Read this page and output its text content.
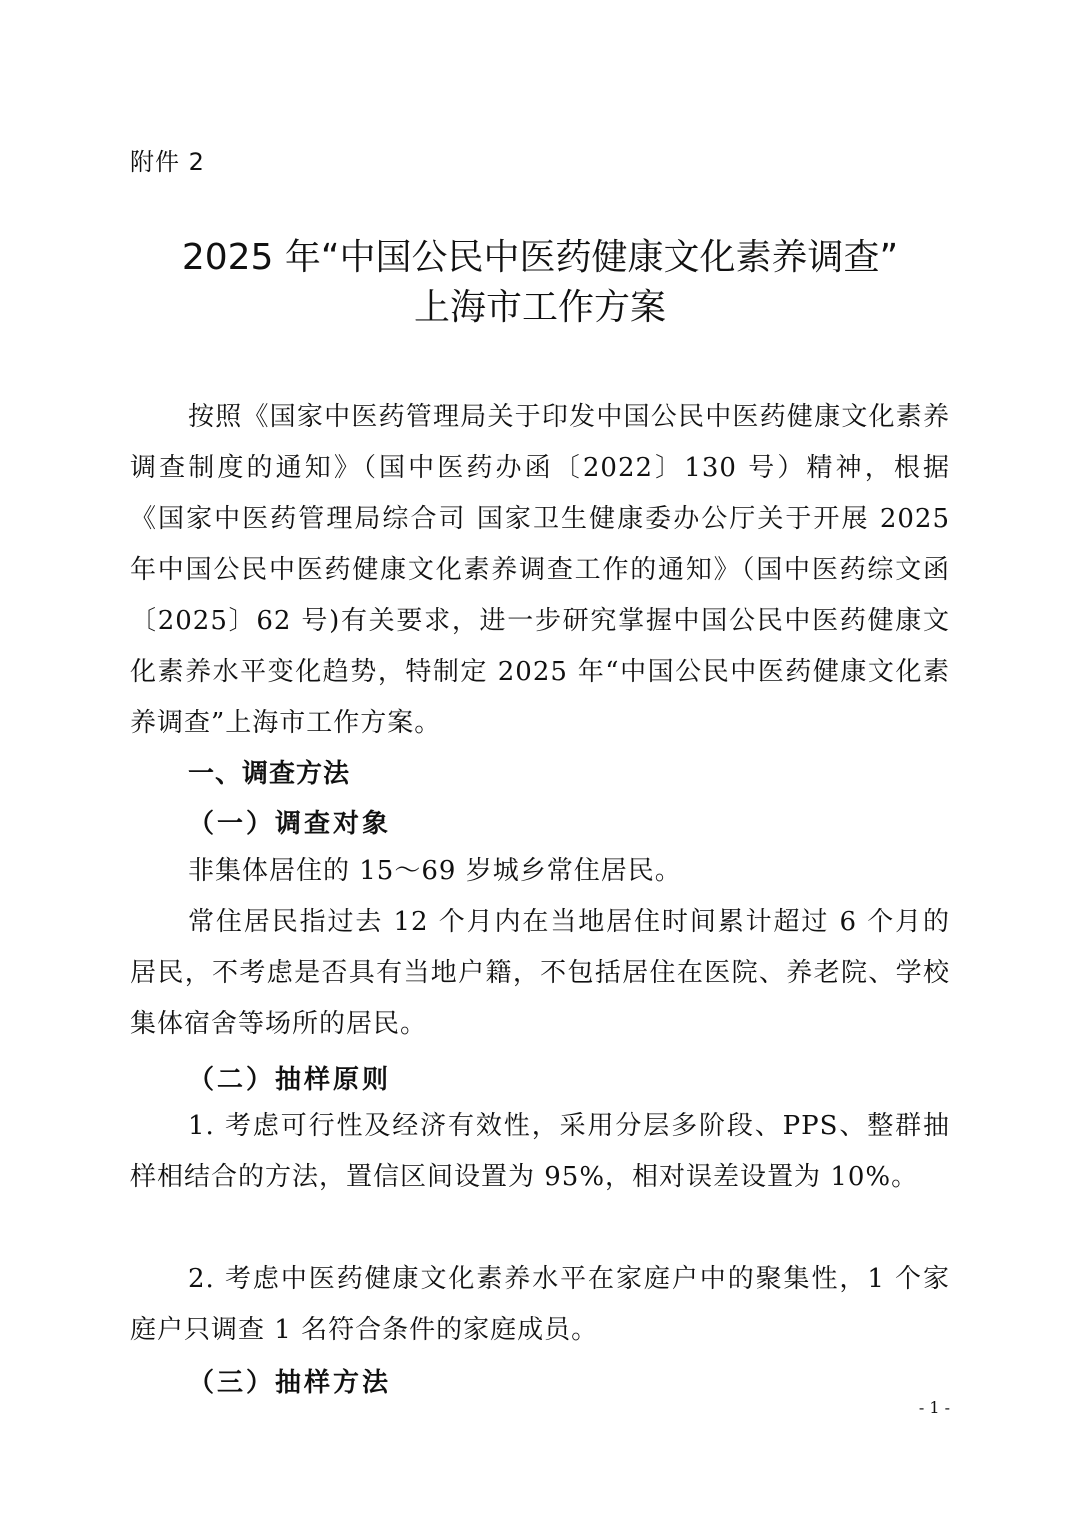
附件 2
2025 年“中国公民中医药健康文化素养调查”
上海市工作方案

按照《国家中医药管理局关于印发中国公民中医药健康文化素养调查制度的通知》（国中医药办函〔2022〕130 号）精神，根据《国家中医药管理局综合司 国家卫生健康委办公厅关于开展 2025 年中国公民中医药健康文化素养调查工作的通知》（国中医药综文函〔2025〕62 号)有关要求，进一步研究掌握中国公民中医药健康文化素养水平变化趋势，特制定 2025 年“中国公民中医药健康文化素养调查”上海市工作方案。

一、调查方法
（一）调查对象

非集体居住的 15～69 岁城乡常住居民。

常住居民指过去 12 个月内在当地居住时间累计超过 6 个月的居民，不考虑是否具有当地户籍，不包括居住在医院、养老院、学校集体宿舍等场所的居民。

（二）抽样原则

1. 考虑可行性及经济有效性，采用分层多阶段、PPS、整群抽样相结合的方法，置信区间设置为 95%，相对误差设置为 10%。

2. 考虑中医药健康文化素养水平在家庭户中的聚集性，1 个家庭户只调查 1 名符合条件的家庭成员。

（三）抽样方法
- 1 -
